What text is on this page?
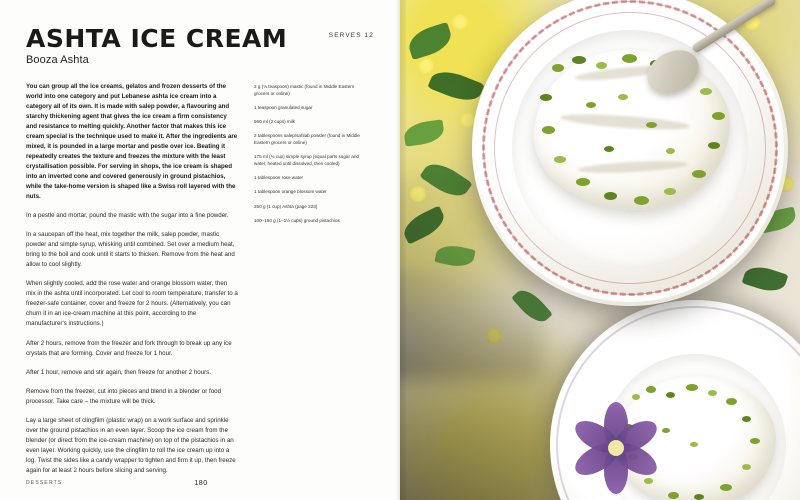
ASHTA ICE CREAM

Booza Ashta

SERVES 12

You can group all the ice creams, gelatos and frozen desserts of the world into one category and put Lebanese ashta ice cream into a category all of its own. It is made with salep powder, a flavouring and starchy thickening agent that gives the ice cream a firm consistency and resistance to melting quickly. Another factor that makes this ice cream special is the technique used to make it. After the ingredients are mixed, it is pounded in a large mortar and pestle over ice. Beating it repeatedly creates the texture and freezes the mixture with the least crystallisation possible. For serving in shops, the ice cream is shaped into an inverted cone and covered generously in ground pistachios, while the take-home version is shaped like a Swiss roll layered with the nuts.

In a pestle and mortar, pound the mastic with the sugar into a fine powder.

In a saucepan off the heat, mix together the milk, salep powder, mastic powder and simple syrup, whisking until combined. Set over a medium heat, bring to the boil and cook until it starts to thicken. Remove from the heat and allow to cool slightly.

When slightly cooled, add the rose water and orange blossom water, then mix in the ashta until incorporated. Let cool to room temperature, transfer to a freezer-safe container, cover and freeze for 2 hours. (Alternatively, you can churn it in an ice-cream machine at this point, according to the manufacturer's instructions.)

After 2 hours, remove from the freezer and fork through to break up any ice crystals that are forming. Cover and freeze for 1 hour.

After 1 hour, remove and stir again, then freeze for another 2 hours.

Remove from the freezer, cut into pieces and blend in a blender or food processor. Take care – the mixture will be thick.

Lay a large sheet of clingfilm (plastic wrap) on a work surface and sprinkle over the ground pistachios in an even layer. Scoop the ice cream from the blender (or direct from the ice-cream machine) on top of the pistachios in an even layer. Working quickly, use the clingfilm to roll the ice cream up into a log. Twist the sides like a candy wrapper to tighten and firm it up, then freeze again for at least 2 hours before slicing and serving.

2 g (⅛ teaspoon) mastic (found in Middle Eastern grocers or online)

1 teaspoon granulated sugar

560 ml (2 cups) milk

2 tablespoons salep/sahlab powder (found in Middle Eastern grocers or online)

175 ml (¾ cup) simple syrup (equal parts sugar and water, heated until dissolved, then cooled)

1 tablespoon rose water

1 tablespoon orange blossom water

250 g (1 cup) Ashta (page 223)

100–150 g (1–1½ cups) ground pistachios

DESSERTS	180
